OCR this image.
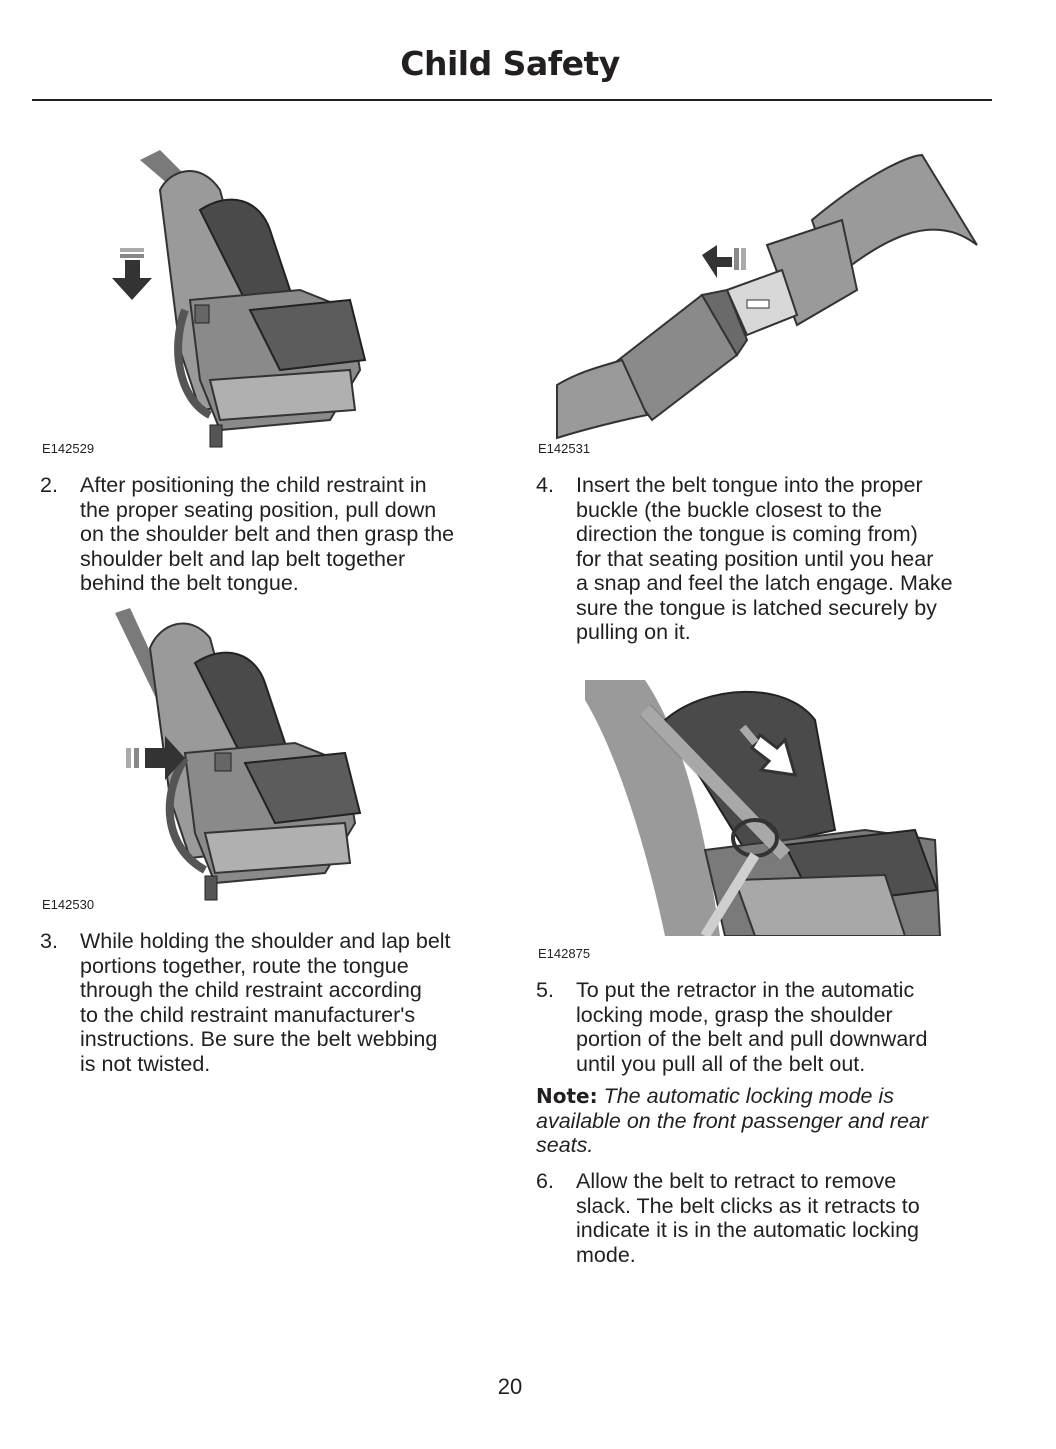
Child Safety
E142529	E142531
2. After positioning the child restraint in
the proper seating position, pull down
on the shoulder belt and then grasp the
shoulder belt and lap belt together
behind the belt tongue.
4. Insert the belt tongue into the proper
buckle (the buckle closest to the
direction the tongue is coming from)
for that seating position until you hear
a snap and feel the latch engage. Make
sure the tongue is latched securely by
pulling on it.
E142530
E142875
3. While holding the shoulder and lap belt
portions together, route the tongue
through the child restraint according
to the child restraint manufacturer's
instructions. Be sure the belt webbing
is not twisted.
5. To put the retractor in the automatic
locking mode, grasp the shoulder
portion of the belt and pull downward
until you pull all of the belt out.
Note: The automatic locking mode is
available on the front passenger and rear
seats.
6. Allow the belt to retract to remove
slack. The belt clicks as it retracts to
indicate it is in the automatic locking
mode.
20
